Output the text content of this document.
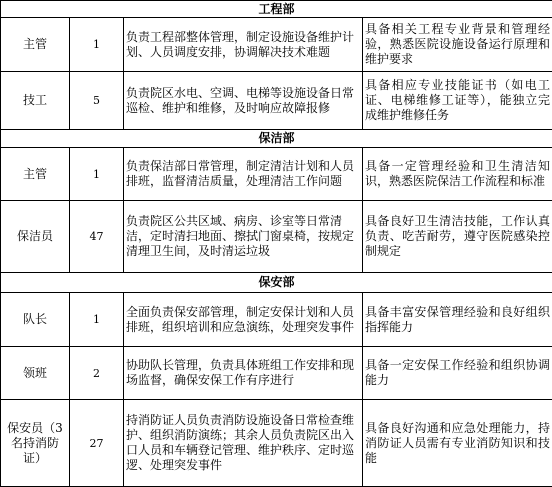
工程部			
主管	1	负责工程部整体管理，制定设施设备维护计划、人员调度安排，协调解决技术难题	具备相关工程专业背景和管理经验，熟悉医院设施设备运行原理和维护要求
技工	5	负责院区水电、空调、电梯等设施设备日常巡检、维护和维修，及时响应故障报修	具备相应专业技能证书（如电工证、电梯维修工证等），能独立完成维护维修任务
保洁部			
主管	1	负责保洁部日常管理，制定清洁计划和人员排班，监督清洁质量，处理清洁工作问题	具备一定管理经验和卫生清洁知识，熟悉医院保洁工作流程和标准
保洁员	47	负责院区公共区域、病房、诊室等日常清洁，定时清扫地面、擦拭门窗桌椅，按规定清理卫生间，及时清运垃圾	具备良好卫生清洁技能，工作认真负责、吃苦耐劳，遵守医院感染控制规定
保安部			
队长	1	全面负责保安部管理，制定安保计划和人员排班，组织培训和应急演练，处理突发事件	具备丰富安保管理经验和良好组织指挥能力
领班	2	协助队长管理，负责具体班组工作安排和现场监督，确保安保工作有序进行	具备一定安保工作经验和组织协调能力
保安员（3名持消防证）	27	持消防证人员负责消防设施设备日常检查维护、组织消防演练；其余人员负责院区出入口人员和车辆登记管理、维护秩序、定时巡逻、处理突发事件	具备良好沟通和应急处理能力，持消防证人员需有专业消防知识和技能
